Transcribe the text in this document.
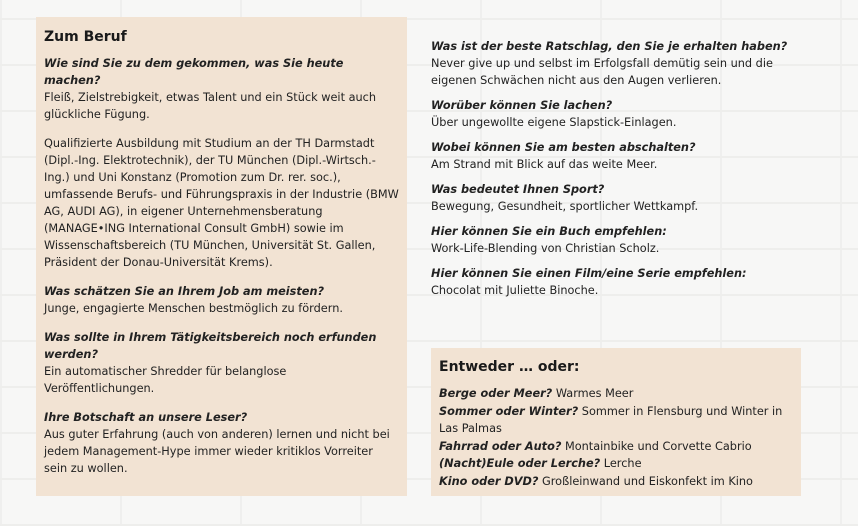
Zum Beruf
Wie sind Sie zu dem gekommen, was Sie heute machen?
Fleiß, Zielstrebigkeit, etwas Talent und ein Stück weit auch glückliche Fügung.
Qualifizierte Ausbildung mit Studium an der TH Darmstadt (Dipl.-Ing. Elektrotechnik), der TU München (Dipl.-Wirtsch.-Ing.) und Uni Konstanz (Promotion zum Dr. rer. soc.), umfassende Berufs- und Führungspraxis in der Industrie (BMW AG, AUDI AG), in eigener Unternehmensberatung (MANAGE•ING International Consult GmbH) sowie im Wissenschaftsbereich (TU München, Universität St. Gallen, Präsident der Donau-Universität Krems).
Was schätzen Sie an Ihrem Job am meisten?
Junge, engagierte Menschen bestmöglich zu fördern.
Was sollte in Ihrem Tätigkeitsbereich noch erfunden werden?
Ein automatischer Shredder für belanglose Veröffentlichungen.
Ihre Botschaft an unsere Leser?
Aus guter Erfahrung (auch von anderen) lernen und nicht bei jedem Management-Hype immer wieder kritiklos Vorreiter sein zu wollen.
Was ist der beste Ratschlag, den Sie je erhalten haben?
Never give up und selbst im Erfolgsfall demütig sein und die eigenen Schwächen nicht aus den Augen verlieren.
Worüber können Sie lachen?
Über ungewollte eigene Slapstick-Einlagen.
Wobei können Sie am besten abschalten?
Am Strand mit Blick auf das weite Meer.
Was bedeutet Ihnen Sport?
Bewegung, Gesundheit, sportlicher Wettkampf.
Hier können Sie ein Buch empfehlen:
Work-Life-Blending von Christian Scholz.
Hier können Sie einen Film/eine Serie empfehlen:
Chocolat mit Juliette Binoche.
Entweder … oder:
Berge oder Meer? Warmes Meer
Sommer oder Winter? Sommer in Flensburg und Winter in Las Palmas
Fahrrad oder Auto? Montainbike und Corvette Cabrio
(Nacht)Eule oder Lerche? Lerche
Kino oder DVD? Großleinwand und Eiskonfekt im Kino
